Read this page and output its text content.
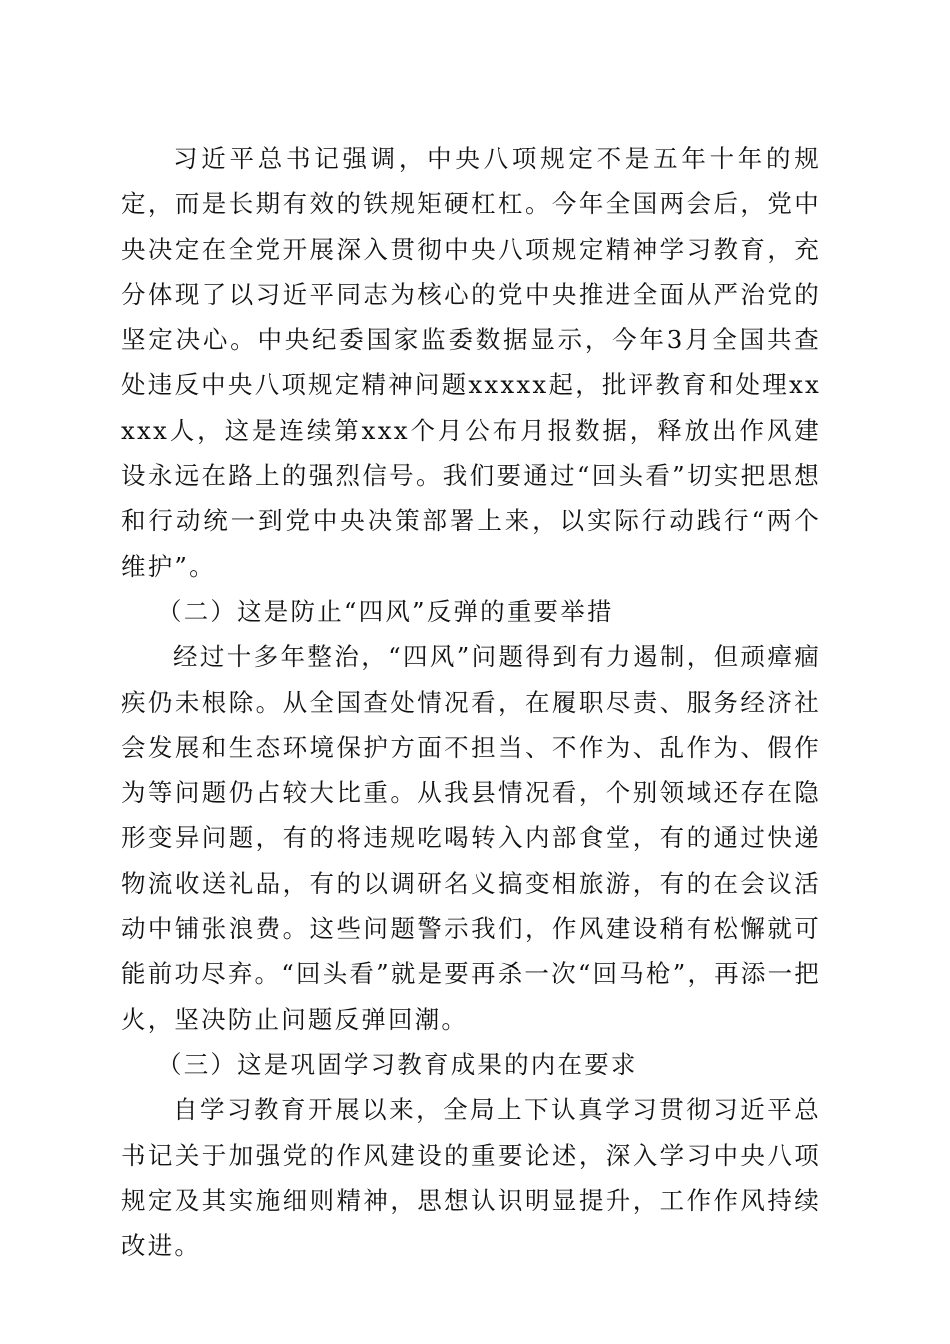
习近平总书记强调，中央八项规定不是五年十年的规定，而是长期有效的铁规矩硬杠杠。今年全国两会后，党中央决定在全党开展深入贯彻中央八项规定精神学习教育，充分体现了以习近平同志为核心的党中央推进全面从严治党的坚定决心。中央纪委国家监委数据显示，今年3月全国共查处违反中央八项规定精神问题xxxxx起，批评教育和处理xxxxx人，这是连续第xxx个月公布月报数据，释放出作风建设永远在路上的强烈信号。我们要通过“回头看”切实把思想和行动统一到党中央决策部署上来，以实际行动践行“两个维护”。

（二）这是防止“四风”反弹的重要举措

经过十多年整治，“四风”问题得到有力遏制，但顽瘴痼疾仍未根除。从全国查处情况看，在履职尽责、服务经济社会发展和生态环境保护方面不担当、不作为、乱作为、假作为等问题仍占较大比重。从我县情况看，个别领域还存在隐形变异问题，有的将违规吃喝转入内部食堂，有的通过快递物流收送礼品，有的以调研名义搞变相旅游，有的在会议活动中铺张浪费。这些问题警示我们，作风建设稍有松懈就可能前功尽弃。“回头看”就是要再杀一次“回马枪”，再添一把火，坚决防止问题反弹回潮。

（三）这是巩固学习教育成果的内在要求

自学习教育开展以来，全局上下认真学习贯彻习近平总书记关于加强党的作风建设的重要论述，深入学习中央八项规定及其实施细则精神，思想认识明显提升，工作作风持续改进。
